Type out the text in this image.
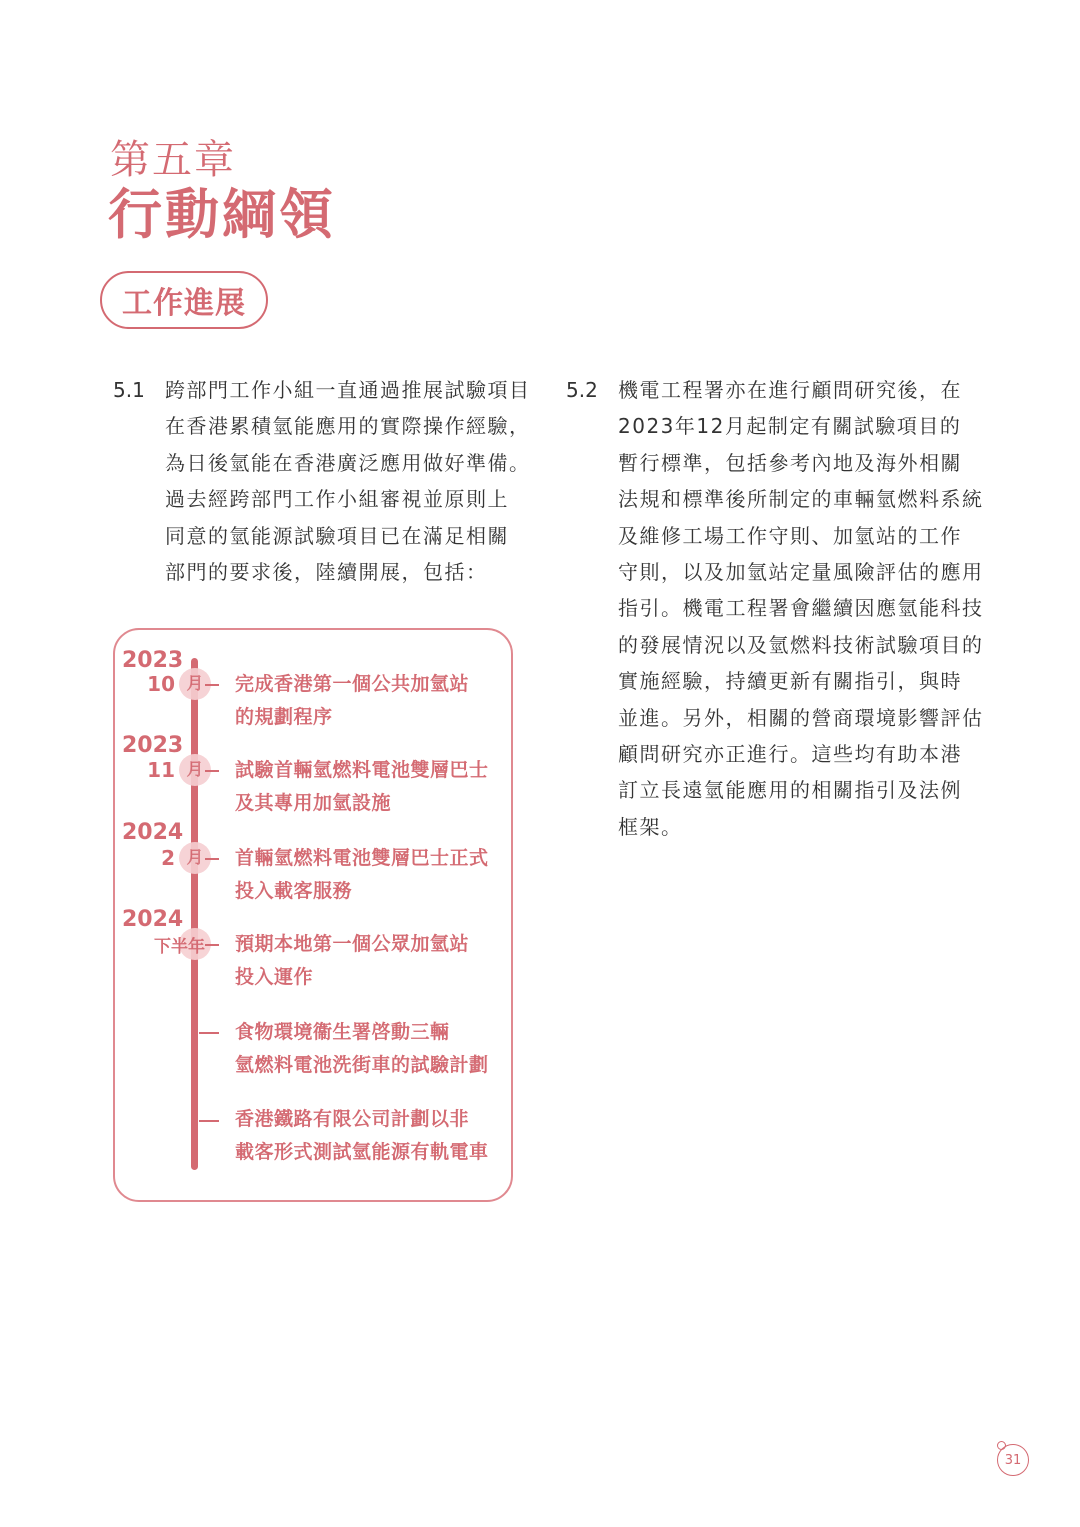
第五章
行動綱領
工作進展
5.1 跨部門工作小組一直通過推展試驗項目
在香港累積氫能應用的實際操作經驗，
為日後氫能在香港廣泛應用做好準備。
過去經跨部門工作小組審視並原則上
同意的氫能源試驗項目已在滿足相關
部門的要求後，陸續開展，包括：
5.2 機電工程署亦在進行顧問研究後，在
2023年12月起制定有關試驗項目的
暫行標準，包括參考內地及海外相關
法規和標準後所制定的車輛氫燃料系統
及維修工場工作守則、加氫站的工作
守則，以及加氫站定量風險評估的應用
指引。機電工程署會繼續因應氫能科技
的發展情況以及氫燃料技術試驗項目的
實施經驗，持續更新有關指引，與時
並進。另外，相關的營商環境影響評估
顧問研究亦正進行。這些均有助本港
訂立長遠氫能應用的相關指引及法例
框架。
2023
10 月	完成香港第一個公共加氫站
的規劃程序
2023
11 月	試驗首輛氫燃料電池雙層巴士
及其專用加氫設施
2024
2 月	首輛氫燃料電池雙層巴士正式
投入載客服務
2024
下半年 預期本地第一個公眾加氫站
投入運作
食物環境衞生署啓動三輛
氫燃料電池洗街車的試驗計劃
香港鐵路有限公司計劃以非
載客形式測試氫能源有軌電車
31
